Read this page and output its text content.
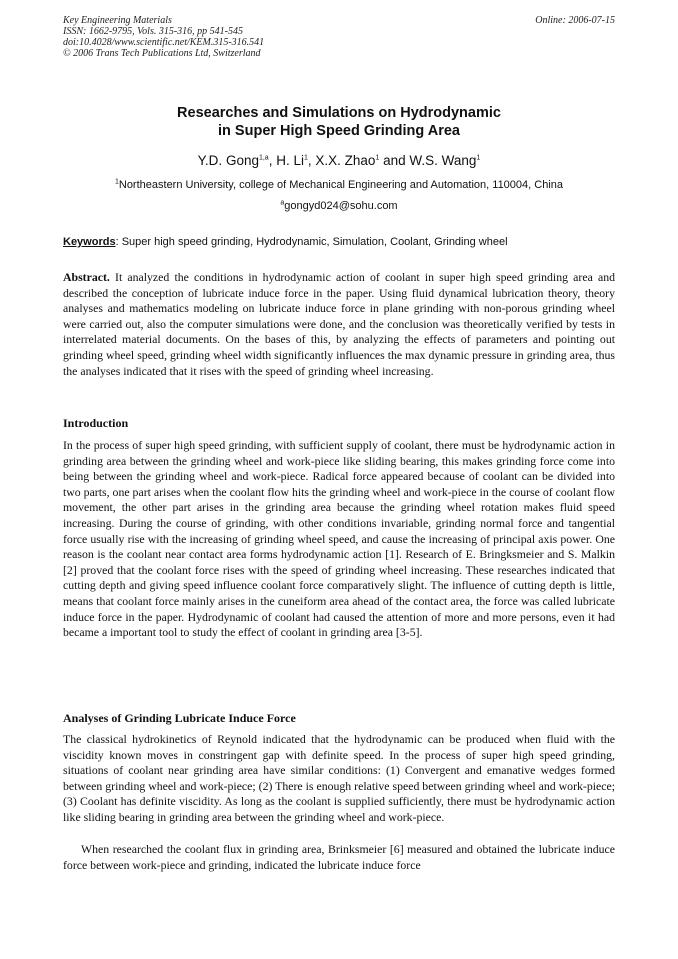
Key Engineering Materials
ISSN: 1662-9795, Vols. 315-316, pp 541-545
doi:10.4028/www.scientific.net/KEM.315-316.541
© 2006 Trans Tech Publications Ltd, Switzerland
Online: 2006-07-15
Researches and Simulations on Hydrodynamic
in Super High Speed Grinding Area
Y.D. Gong$^{1,a}$, H. Li$^1$, X.X. Zhao$^1$ and W.S. Wang$^1$
$^1$Northeastern University, college of Mechanical Engineering and Automation, 110004, China
$^a$gongyd024@sohu.com
Keywords: Super high speed grinding, Hydrodynamic, Simulation, Coolant, Grinding wheel
Abstract. It analyzed the conditions in hydrodynamic action of coolant in super high speed grinding area and described the conception of lubricate induce force in the paper. Using fluid dynamical lubrication theory, theory analyses and mathematics modeling on lubricate induce force in plane grinding with non-porous grinding wheel were carried out, also the computer simulations were done, and the conclusion was theoretically verified by tests in interrelated material documents. On the bases of this, by analyzing the effects of parameters and pointing out grinding wheel speed, grinding wheel width significantly influences the max dynamic pressure in grinding area, thus the analyses indicated that it rises with the speed of grinding wheel increasing.
Introduction
In the process of super high speed grinding, with sufficient supply of coolant, there must be hydrodynamic action in grinding area between the grinding wheel and work-piece like sliding bearing, this makes grinding force come into being between the grinding wheel and work-piece. Radical force appeared because of coolant can be divided into two parts, one part arises when the coolant flow hits the grinding wheel and work-piece in the course of coolant flow movement, the other part arises in the grinding area because the grinding wheel rotation makes fluid speed increasing. During the course of grinding, with other conditions invariable, grinding normal force and tangential force usually rise with the increasing of grinding wheel speed, and cause the increasing of principal axis power. One reason is the coolant near contact area forms hydrodynamic action [1]. Research of E. Bringksmeier and S. Malkin [2] proved that the coolant force rises with the speed of grinding wheel increasing. These researches indicated that cutting depth and giving speed influence coolant force comparatively slight. The influence of cutting depth is little, means that coolant force mainly arises in the cuneiform area ahead of the contact area, the force was called lubricate induce force in the paper. Hydrodynamic of coolant had caused the attention of more and more persons, even it had became a important tool to study the effect of coolant in grinding area [3-5].
Analyses of Grinding Lubricate Induce Force
The classical hydrokinetics of Reynold indicated that the hydrodynamic can be produced when fluid with the viscidity known moves in constringent gap with definite speed. In the process of super high speed grinding, situations of coolant near grinding area have similar conditions: (1) Convergent and emanative wedges formed between grinding wheel and work-piece; (2) There is enough relative speed between grinding wheel and work-piece; (3) Coolant has definite viscidity. As long as the coolant is supplied sufficiently, there must be hydrodynamic action like sliding bearing in grinding area between the grinding wheel and work-piece.
When researched the coolant flux in grinding area, Brinksmeier [6] measured and obtained the lubricate induce force between work-piece and grinding, indicated the lubricate induce force
